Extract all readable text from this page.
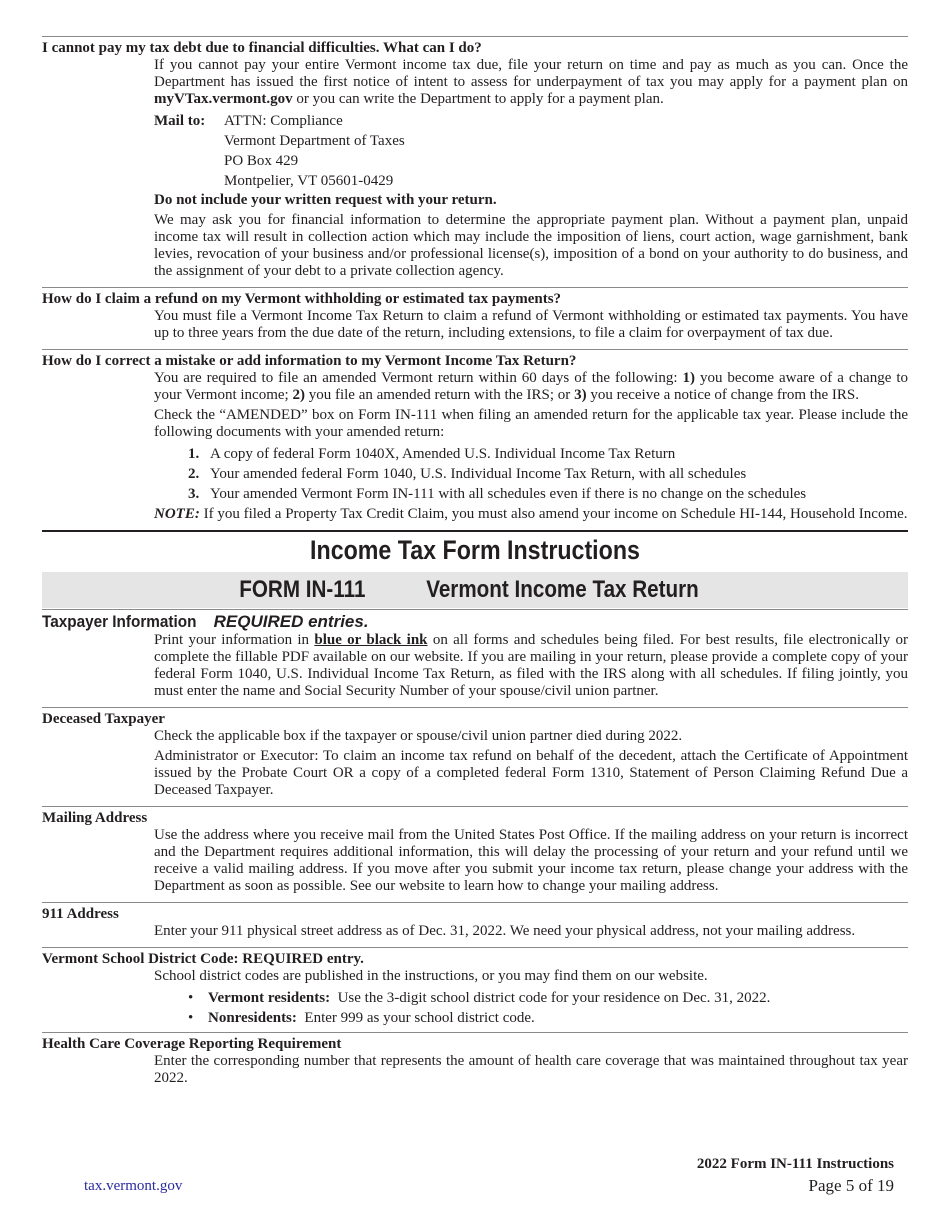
I cannot pay my tax debt due to financial difficulties. What can I do?

If you cannot pay your entire Vermont income tax due, file your return on time and pay as much as you can. Once the Department has issued the first notice of intent to assess for underpayment of tax you may apply for a payment plan on myVTax.vermont.gov or you can write the Department to apply for a payment plan.

Mail to:	ATTN: Compliance
Vermont Department of Taxes
PO Box 429
Montpelier, VT 05601-0429

Do not include your written request with your return.

We may ask you for financial information to determine the appropriate payment plan. Without a payment plan, unpaid income tax will result in collection action which may include the imposition of liens, court action, wage garnishment, bank levies, revocation of your business and/or professional license(s), imposition of a bond on your authority to do business, and the assignment of your debt to a private collection agency.

How do I claim a refund on my Vermont withholding or estimated tax payments?

You must file a Vermont Income Tax Return to claim a refund of Vermont withholding or estimated tax payments. You have up to three years from the due date of the return, including extensions, to file a claim for overpayment of tax due.

How do I correct a mistake or add information to my Vermont Income Tax Return?

You are required to file an amended Vermont return within 60 days of the following: 1) you become aware of a change to your Vermont income; 2) you file an amended return with the IRS; or 3) you receive a notice of change from the IRS.

Check the “AMENDED” box on Form IN-111 when filing an amended return for the applicable tax year. Please include the following documents with your amended return:

1. A copy of federal Form 1040X, Amended U.S. Individual Income Tax Return
2. Your amended federal Form 1040, U.S. Individual Income Tax Return, with all schedules
3. Your amended Vermont Form IN-111 with all schedules even if there is no change on the schedules

NOTE: If you filed a Property Tax Credit Claim, you must also amend your income on Schedule HI-144, Household Income.

Income Tax Form Instructions
FORM IN-111	Vermont Income Tax Return
Taxpayer InformationREQUIRED entries.

Print your information in blue or black ink on all forms and schedules being filed. For best results, file electronically or complete the fillable PDF available on our website. If you are mailing in your return, please provide a complete copy of your federal Form 1040, U.S. Individual Income Tax Return, as filed with the IRS along with all schedules. If filing jointly, you must enter the name and Social Security Number of your spouse/civil union partner.

Deceased Taxpayer

Check the applicable box if the taxpayer or spouse/civil union partner died during 2022.

Administrator or Executor: To claim an income tax refund on behalf of the decedent, attach the Certificate of Appointment issued by the Probate Court OR a copy of a completed federal Form 1310, Statement of Person Claiming Refund Due a Deceased Taxpayer.

Mailing Address

Use the address where you receive mail from the United States Post Office. If the mailing address on your return is incorrect and the Department requires additional information, this will delay the processing of your return and your refund until we receive a valid mailing address. If you move after you submit your income tax return, please change your address with the Department as soon as possible. See our website to learn how to change your mailing address.

911 Address

Enter your 911 physical street address as of Dec. 31, 2022. We need your physical address, not your mailing address.

Vermont School District Code: REQUIRED entry.

School district codes are published in the instructions, or you may find them on our website.

• Vermont residents:  Use the 3-digit school district code for your residence on Dec. 31, 2022.
• Nonresidents:  Enter 999 as your school district code.
Health Care Coverage Reporting Requirement

Enter the corresponding number that represents the amount of health care coverage that was maintained throughout tax year 2022.

2022 Form IN-111 Instructions
Page 5 of 19
tax.vermont.gov
